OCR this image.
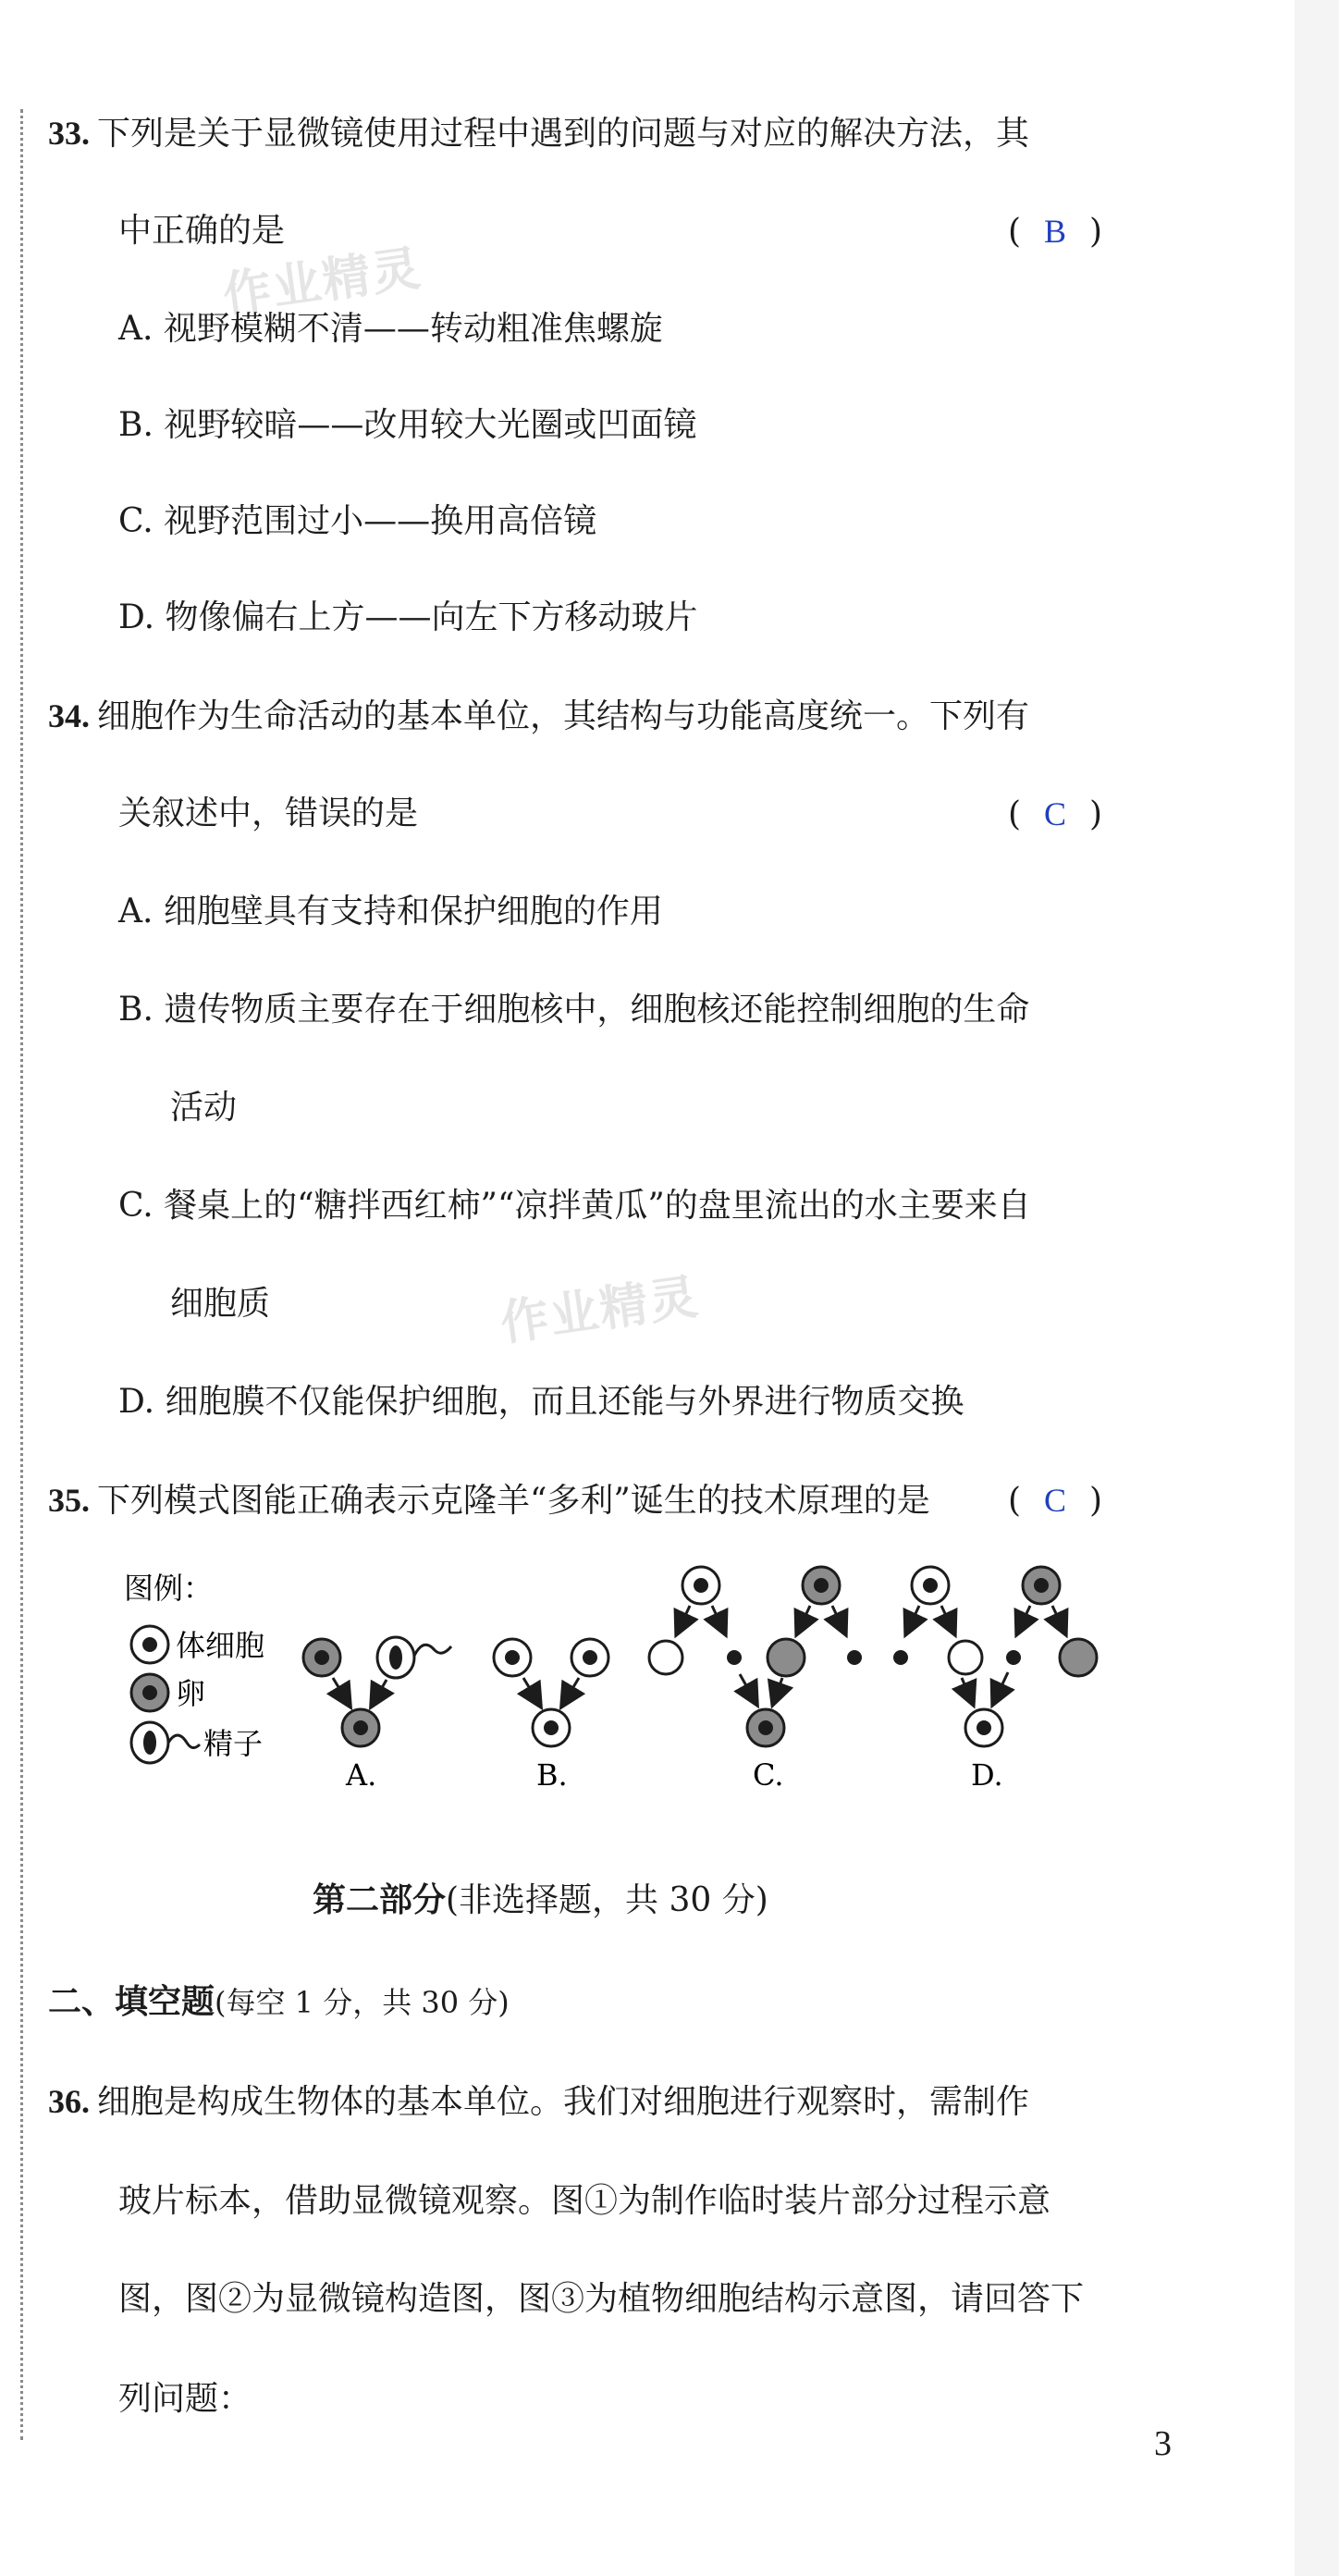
作业精灵
作业精灵
33. 下列是关于显微镜使用过程中遇到的问题与对应的解决方法，其
中正确的是	( B )
A. 视野模糊不清——转动粗准焦螺旋
B. 视野较暗——改用较大光圈或凹面镜
C. 视野范围过小——换用高倍镜
D. 物像偏右上方——向左下方移动玻片
34. 细胞作为生命活动的基本单位，其结构与功能高度统一。下列有
关叙述中，错误的是	( C )
A. 细胞壁具有支持和保护细胞的作用
B. 遗传物质主要存在于细胞核中，细胞核还能控制细胞的生命
活动
C. 餐桌上的“糖拌西红柿”“凉拌黄瓜”的盘里流出的水主要来自
细胞质
D. 细胞膜不仅能保护细胞，而且还能与外界进行物质交换
35. 下列模式图能正确表示克隆羊“多利”诞生的技术原理的是 ( C )
图例：
体细胞
卵
精子
A.	B.	C.	D.
第二部分(非选择题，共 30 分)
二、填空题(每空 1 分，共 30 分)
36. 细胞是构成生物体的基本单位。我们对细胞进行观察时，需制作
玻片标本，借助显微镜观察。图①为制作临时装片部分过程示意
图，图②为显微镜构造图，图③为植物细胞结构示意图，请回答下
列问题：
3
